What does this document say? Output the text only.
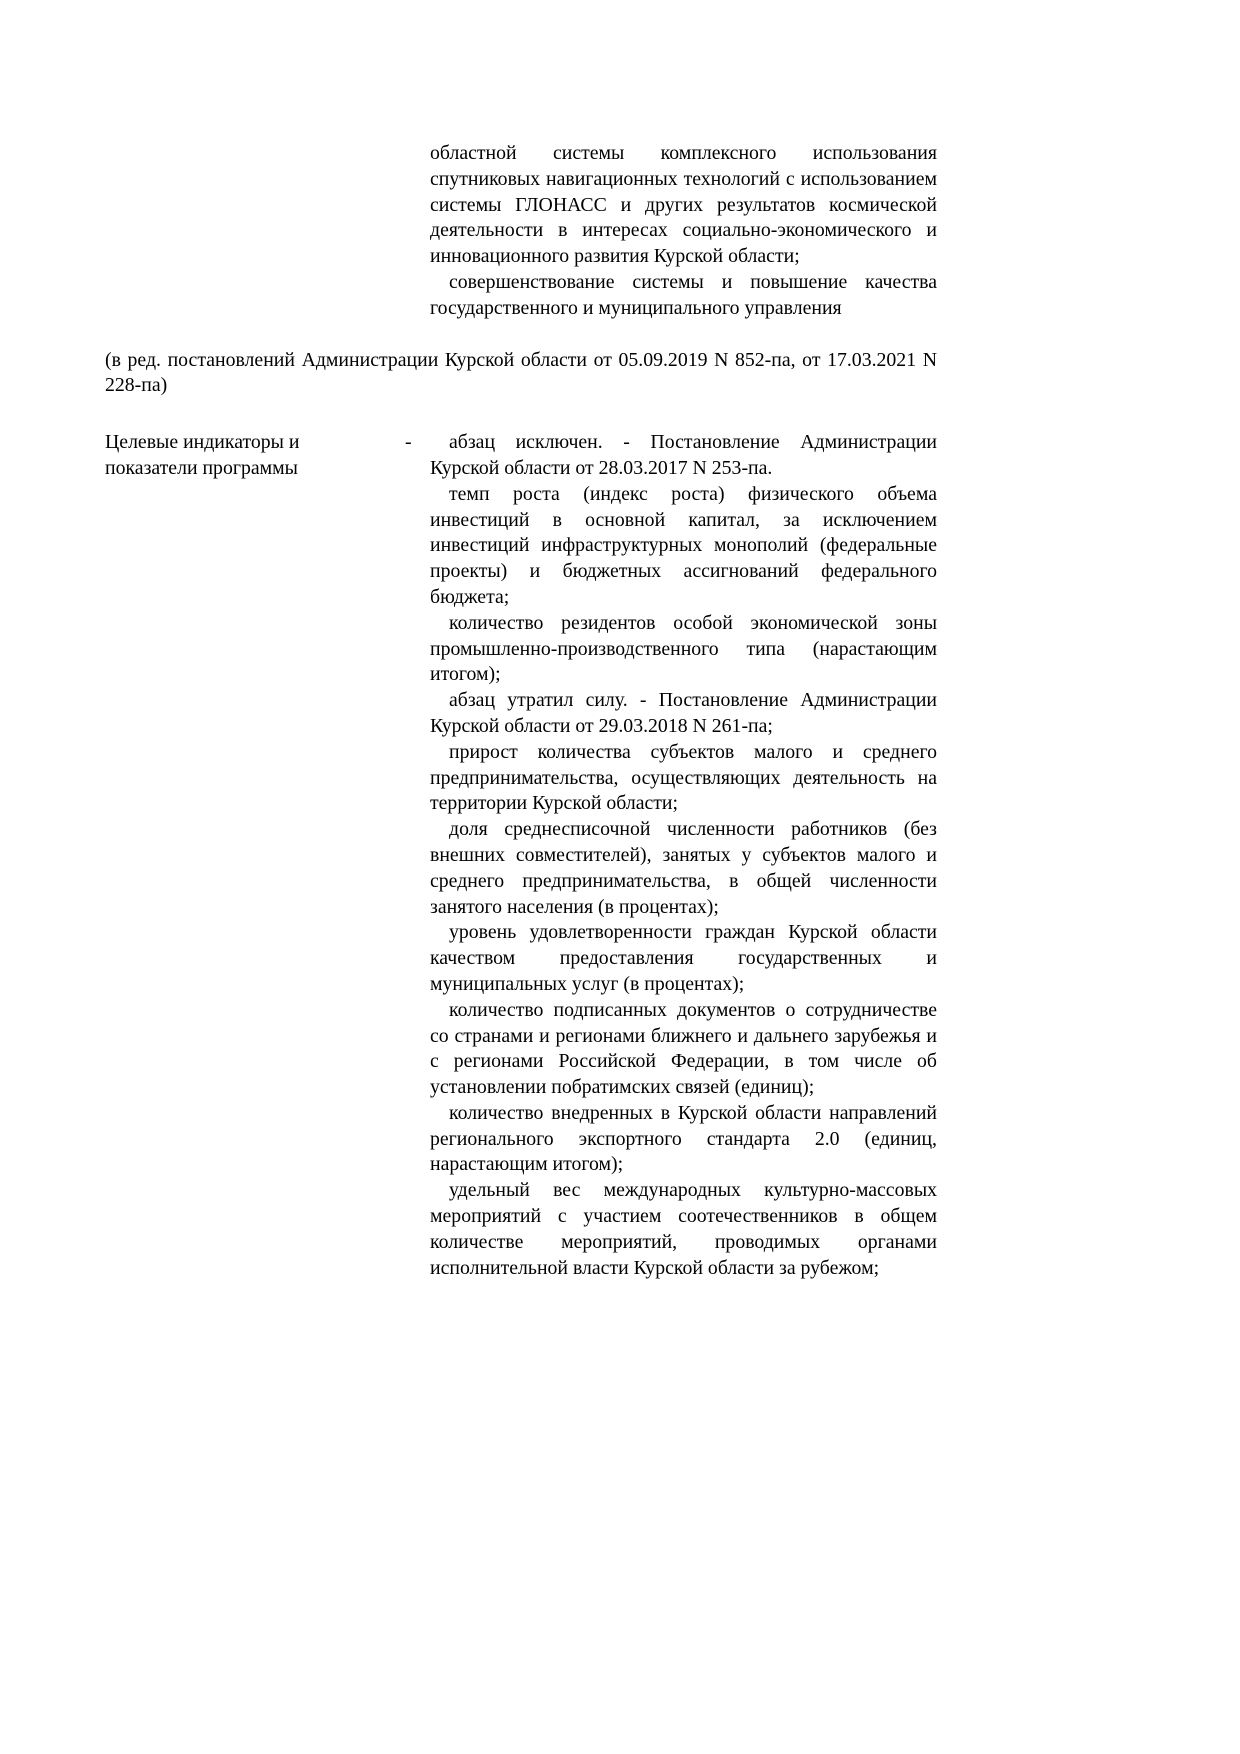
областной системы комплексного использования спутниковых навигационных технологий с использованием системы ГЛОНАСС и других результатов космической деятельности в интересах социально-экономического и инновационного развития Курской области;

совершенствование системы и повышение качества государственного и муниципального управления

(в ред. постановлений Администрации Курской области от 05.09.2019 N 852-па, от 17.03.2021 N 228-па)

Целевые индикаторы и показатели программы
-	абзац исключен. - Постановление Администрации Курской области от 28.03.2017 N 253-па.

темп роста (индекс роста) физического объема инвестиций в основной капитал, за исключением инвестиций инфраструктурных монополий (федеральные проекты) и бюджетных ассигнований федерального бюджета;

количество резидентов особой экономической зоны промышленно-производственного типа (нарастающим итогом);

абзац утратил силу. - Постановление Администрации Курской области от 29.03.2018 N 261-па;

прирост количества субъектов малого и среднего предпринимательства, осуществляющих деятельность на территории Курской области;

доля среднесписочной численности работников (без внешних совместителей), занятых у субъектов малого и среднего предпринимательства, в общей численности занятого населения (в процентах);

уровень удовлетворенности граждан Курской области качеством предоставления государственных и муниципальных услуг (в процентах);

количество подписанных документов о сотрудничестве со странами и регионами ближнего и дальнего зарубежья и с регионами Российской Федерации, в том числе об установлении побратимских связей (единиц);

количество внедренных в Курской области направлений регионального экспортного стандарта 2.0 (единиц, нарастающим итогом);

удельный вес международных культурно-массовых мероприятий с участием соотечественников в общем количестве мероприятий, проводимых органами исполнительной власти Курской области за рубежом;
